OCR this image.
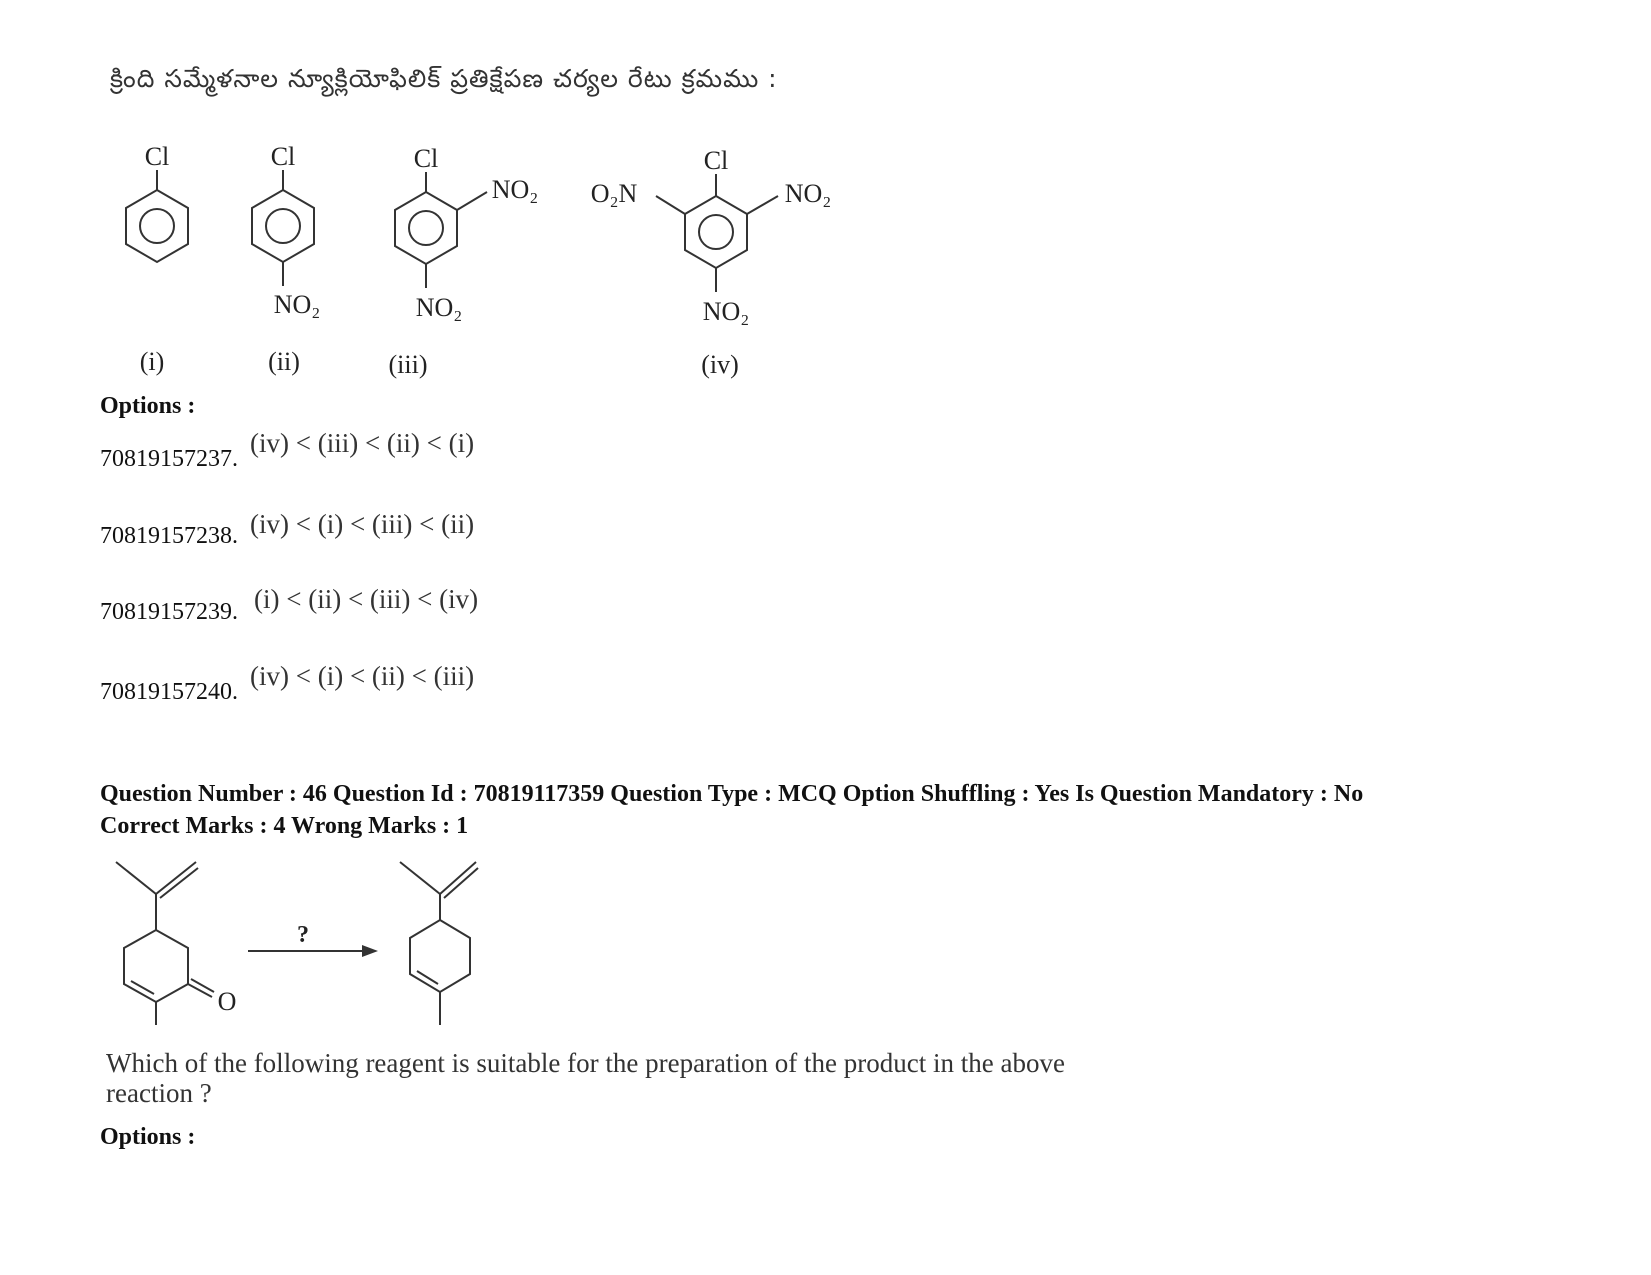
క్రింది సమ్మేళనాల న్యూక్లియోఫిలిక్ ప్రతిక్షేపణ చర్యల రేటు క్రమము :
Cl
(i)
Cl
NO₂
(ii)
Cl
NO₂
NO₂
(iii)
Cl
NO₂
O₂N
NO₂
(iv)
Options :
70819157237.
(iv) < (iii) < (ii) < (i)
70819157238. (iv) < (i) < (iii) < (ii)
70819157239. (i) < (ii) < (iii) < (iv)
70819157240.
(iv) < (i) < (ii) < (iii)
Question Number : 46 Question Id : 70819117359 Question Type : MCQ Option Shuffling : Yes Is Question Mandatory : No
Correct Marks : 4 Wrong Marks : 1
O
?
Which of the following reagent is suitable for the preparation of the product in the above
reaction ?
Options :
